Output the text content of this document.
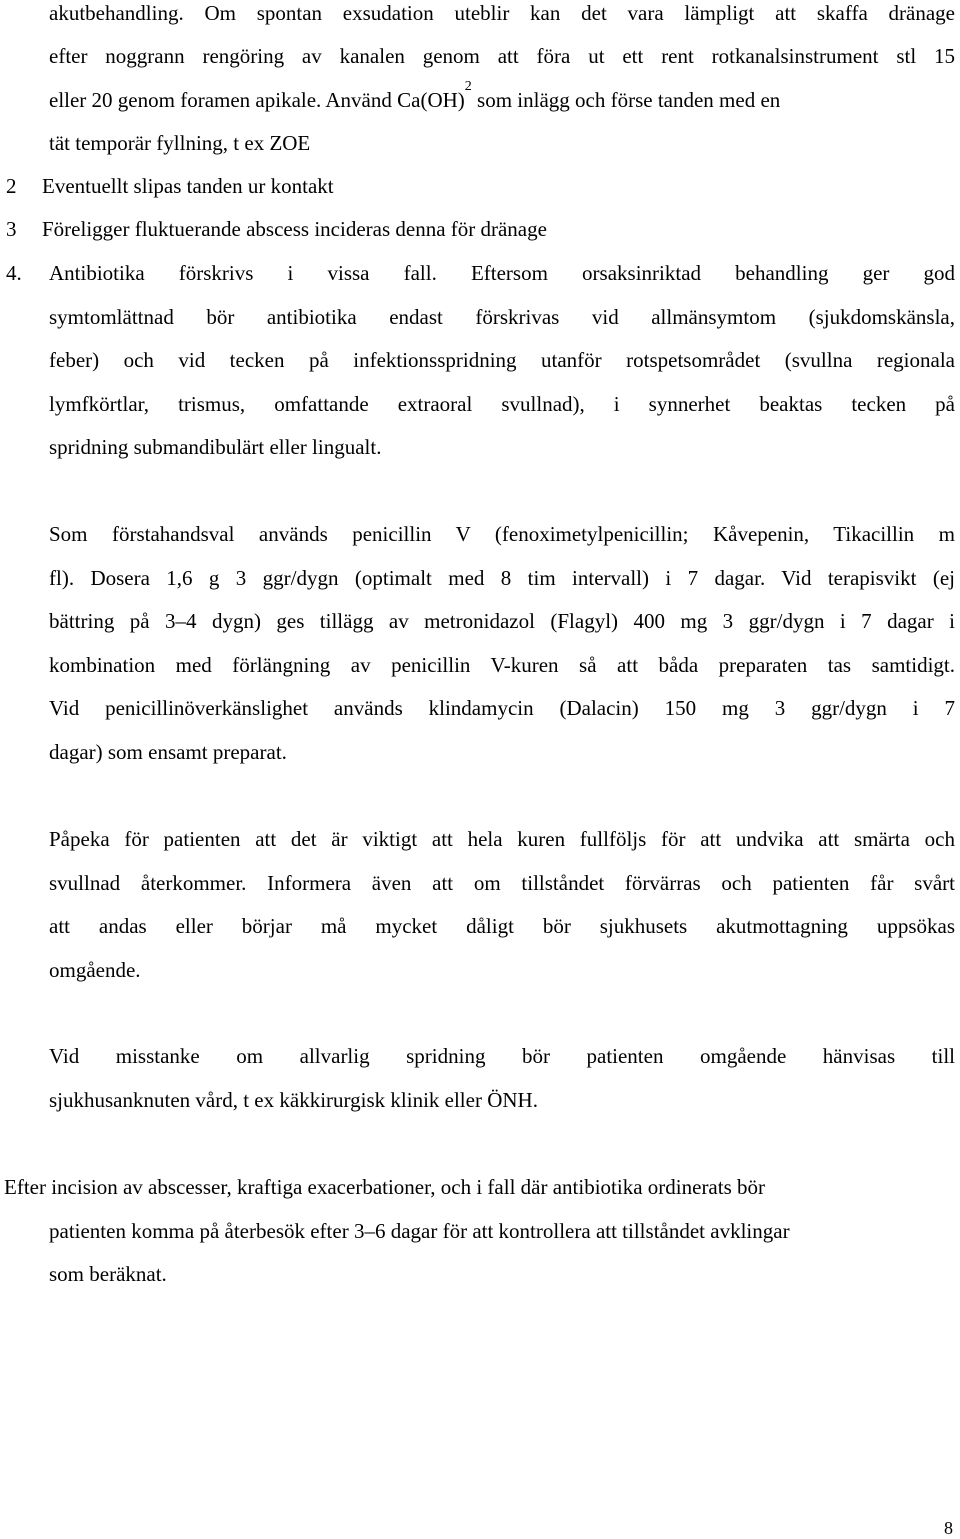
akutbehandling. Om spontan exsudation uteblir kan det vara lämpligt att skaffa dränage
efter noggrann rengöring av kanalen genom att föra ut ett rent rotkanalsinstrument stl 15
eller 20 genom foramen apikale. Använd Ca(OH)
2
som inlägg och förse tanden med en
tät temporär fyllning, t ex ZOE
2 Eventuellt slipas tanden ur kontakt
3 Föreligger fluktuerande abscess incideras denna för dränage
4. Antibiotika förskrivs i vissa fall. Eftersom orsaksinriktad behandling ger god
symtomlättnad bör antibiotika endast förskrivas vid allmänsymtom (sjukdomskänsla,
feber) och vid tecken på infektionsspridning utanför rotspetsområdet (svullna regionala
lymfkörtlar, trismus, omfattande extraoral svullnad), i synnerhet beaktas tecken på
spridning submandibulärt eller lingualt.
Som förstahandsval används penicillin V (fenoximetylpenicillin; Kåvepenin, Tikacillin m
fl). Dosera 1,6 g 3 ggr/dygn (optimalt med 8 tim intervall) i 7 dagar. Vid terapisvikt (ej
bättring på 3–4 dygn) ges tillägg av metronidazol (Flagyl) 400 mg 3 ggr/dygn i 7 dagar i
kombination med förlängning av penicillin V-kuren så att båda preparaten tas samtidigt.
Vid penicillinöverkänslighet används klindamycin (Dalacin) 150 mg 3 ggr/dygn i 7
dagar) som ensamt preparat.
Påpeka för patienten att det är viktigt att hela kuren fullföljs för att undvika att smärta och
svullnad återkommer. Informera även att om tillståndet förvärras och patienten får svårt
att andas eller börjar må mycket dåligt bör sjukhusets akutmottagning uppsökas
omgående.
Vid misstanke om allvarlig spridning bör patienten omgående hänvisas till
sjukhusanknuten vård, t ex käkkirurgisk klinik eller ÖNH.
Efter incision av abscesser, kraftiga exacerbationer, och i fall där antibiotika ordinerats bör
patienten komma på återbesök efter 3–6 dagar för att kontrollera att tillståndet avklingar
som beräknat.
8
